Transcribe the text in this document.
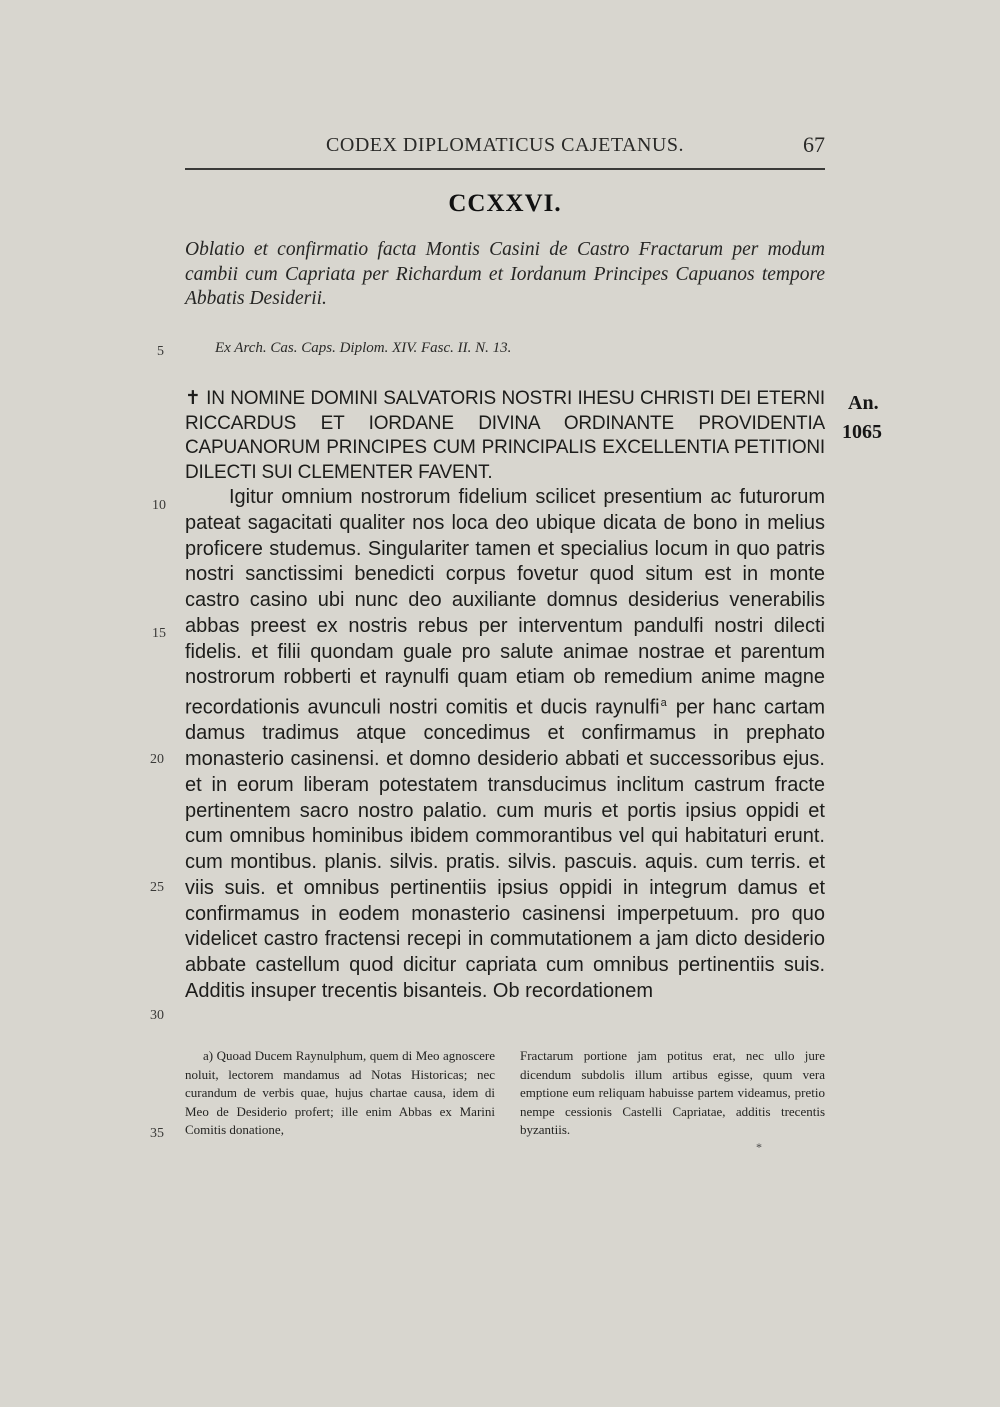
CODEX DIPLOMATICUS CAJETANUS.	67
CCXXVI.
Oblatio et confirmatio facta Montis Casini de Castro Fractarum per modum cambii cum Capriata per Richardum et Iordanum Principes Capuanos tempore Abbatis Desiderii.
Ex Arch. Cas. Caps. Diplom. XIV. Fasc. II. N. 13.
5
10
15
20
25
30
35
✝ IN NOMINE DOMINI SALVATORIS NOSTRI IHESU CHRISTI DEI ETERNI RICCARDUS ET IORDANE DIVINA ORDINANTE PROVIDENTIA CAPUANORUM PRINCIPES CUM PRINCIPALIS EXCELLENTIA PETITIONI DILECTI SUI CLEMENTER FAVENT.
An.
1065

Igitur omnium nostrorum fidelium scilicet presentium ac futurorum pateat sagacitati qualiter nos loca deo ubique dicata de bono in melius proficere studemus. Singulariter tamen et specialius locum in quo patris nostri sanctissimi benedicti corpus fovetur quod situm est in monte castro casino ubi nunc deo auxiliante domnus desiderius venerabilis abbas preest ex nostris rebus per interventum pandulfi nostri dilecti fidelis. et filii quondam guale pro salute animae nostrae et parentum nostrorum robberti et raynulfi quam etiam ob remedium anime magne recordationis avunculi nostri comitis et ducis raynulfi$^a$ per hanc cartam damus tradimus atque concedimus et confirmamus in prephato monasterio casinensi. et domno desiderio abbati et successoribus ejus. et in eorum liberam potestatem transducimus inclitum castrum fracte pertinentem sacro nostro palatio. cum muris et portis ipsius oppidi et cum omnibus hominibus ibidem commorantibus vel qui habitaturi erunt. cum montibus. planis. silvis. pratis. silvis. pascuis. aquis. cum terris. et viis suis. et omnibus pertinentiis ipsius oppidi in integrum damus et confirmamus in eodem monasterio casinensi imperpetuum. pro quo videlicet castro fractensi recepi in commutationem a jam dicto desiderio abbate castellum quod dicitur capriata cum omnibus pertinentiis suis. Additis insuper trecentis bisanteis. Ob recordationem

a) Quoad Ducem Raynulphum, quem di Meo agnoscere noluit, lectorem mandamus ad Notas Historicas; nec curandum de verbis quae, hujus chartae causa, idem di Meo de Desiderio profert; ille enim Abbas ex Marini Comitis donatione,
Fractarum portione jam potitus erat, nec ullo jure dicendum subdolis illum artibus egisse, quum vera emptione eum reliquam habuisse partem videamus, pretio nempe cessionis Castelli Capriatae, additis trecentis byzantiis.
*
